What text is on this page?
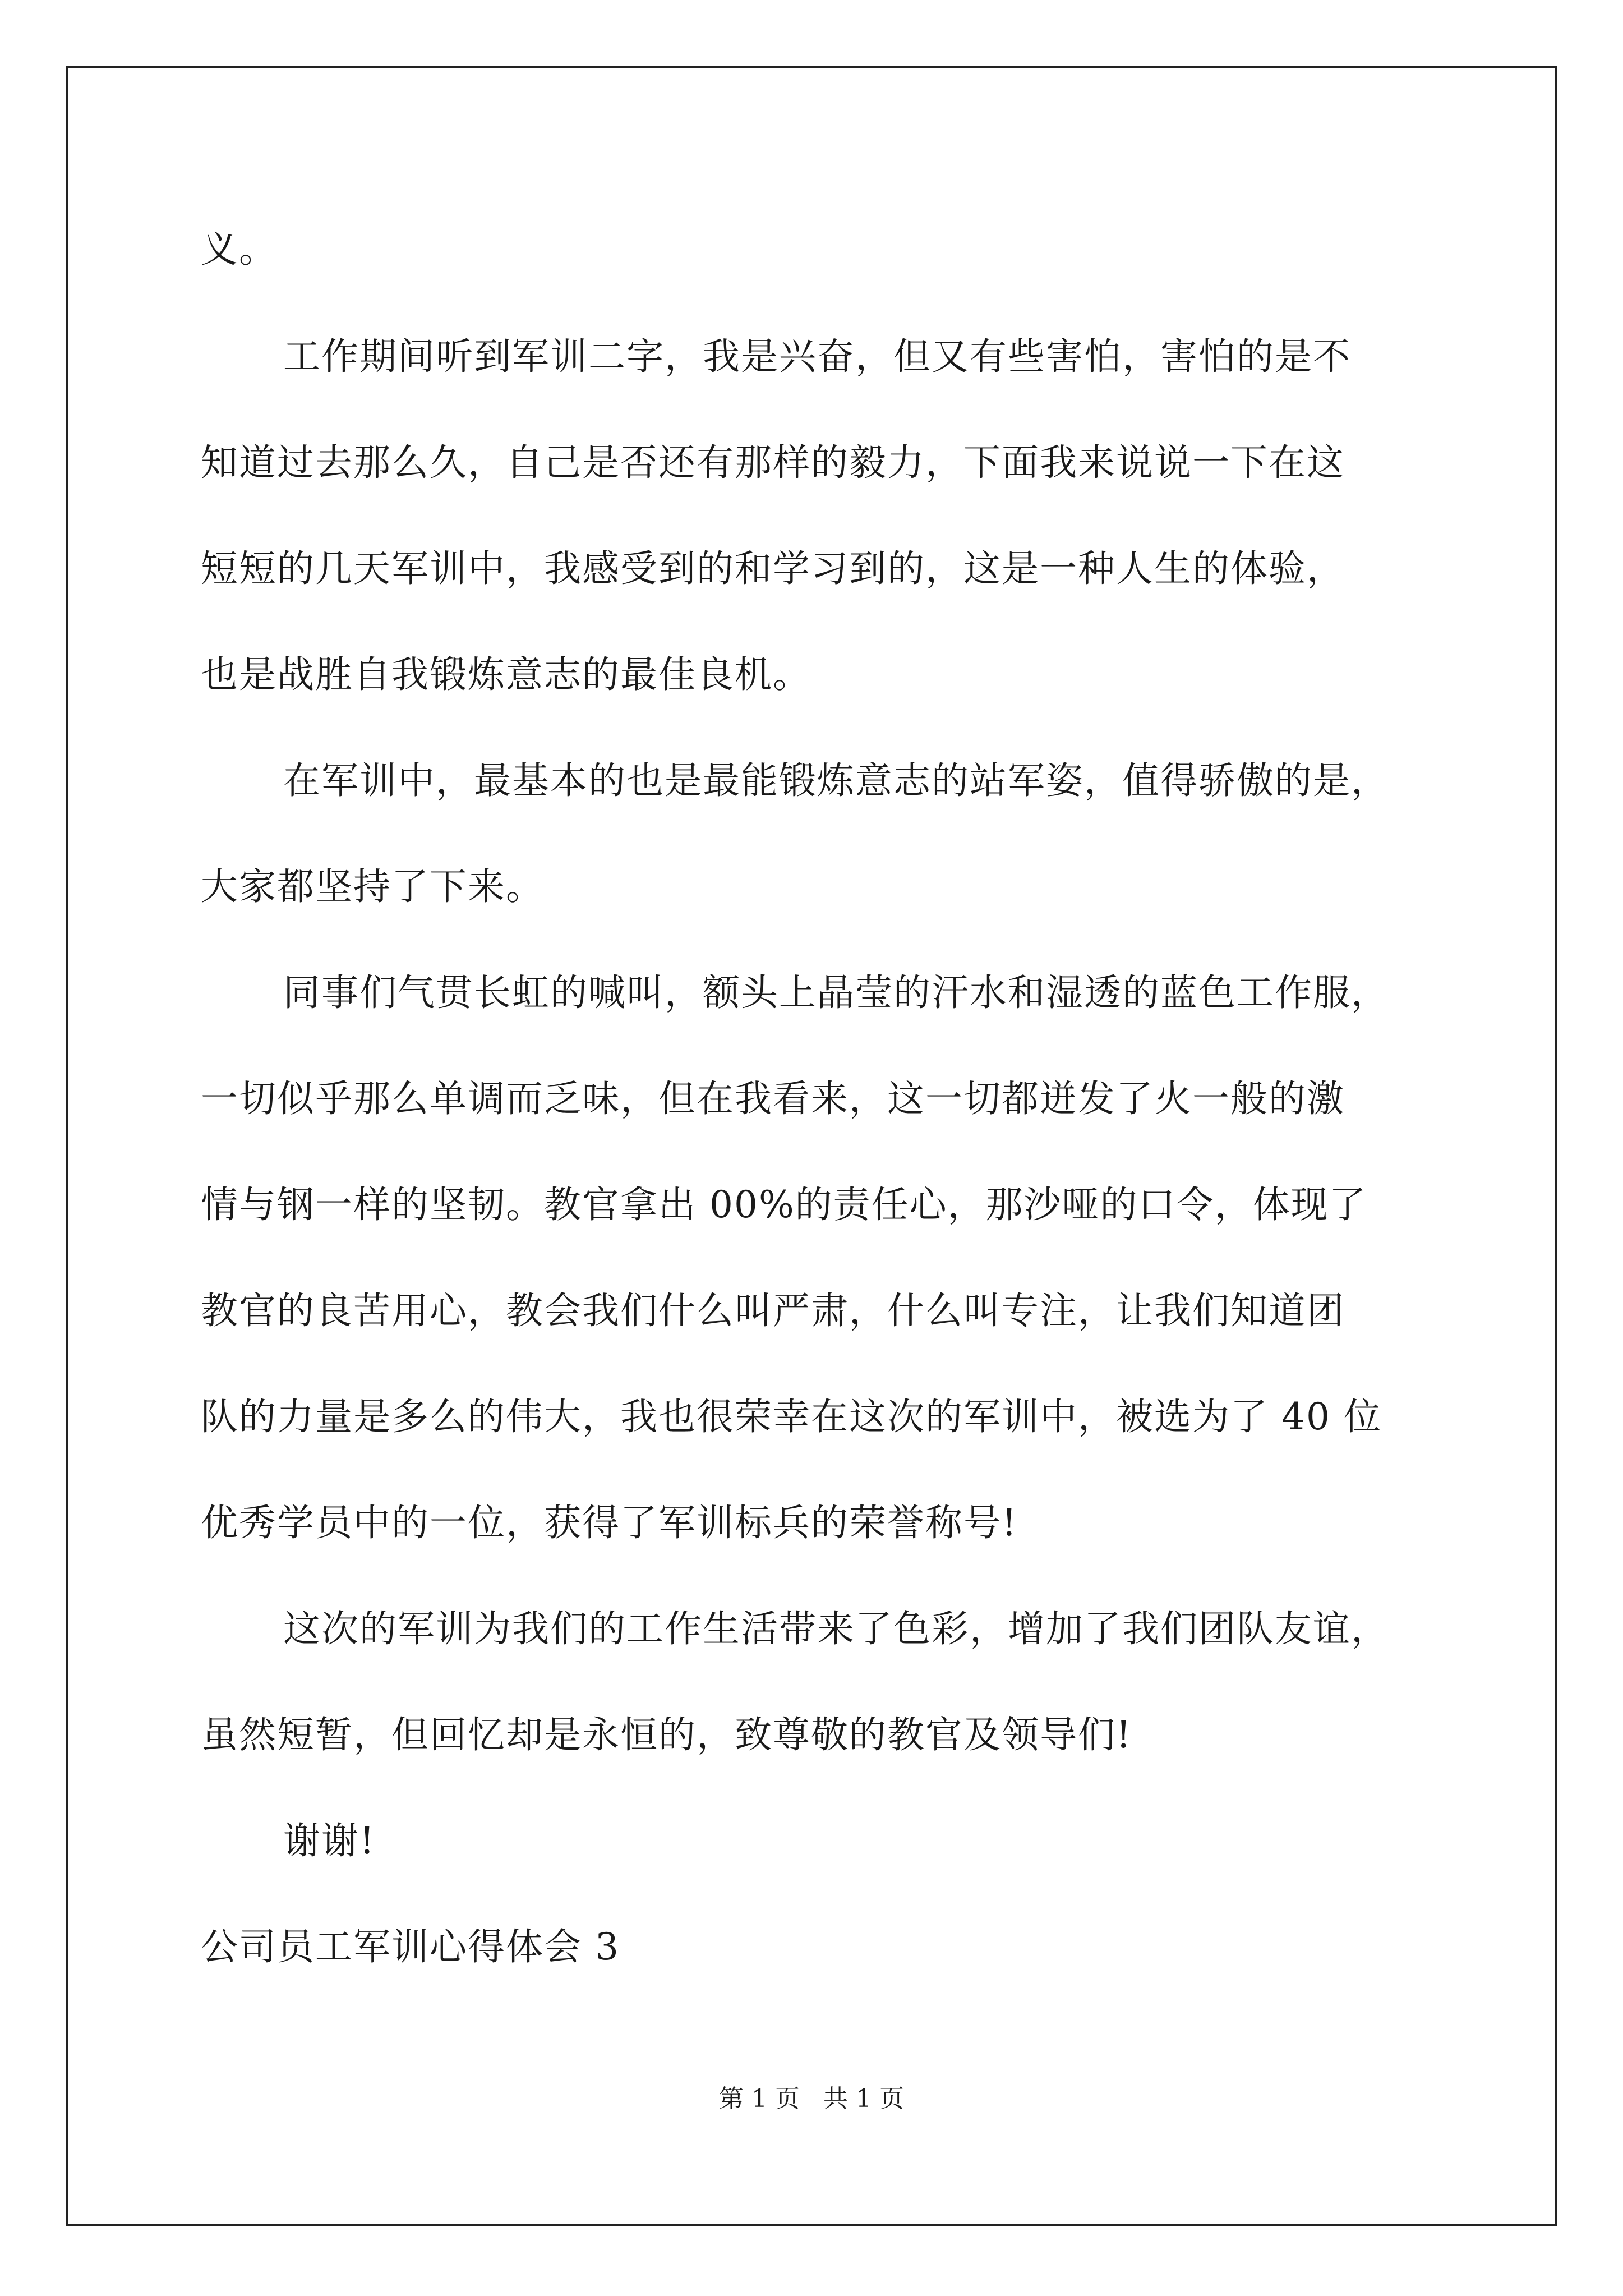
义。
工作期间听到军训二字，我是兴奋，但又有些害怕，害怕的是不
知道过去那么久，自己是否还有那样的毅力，下面我来说说一下在这
短短的几天军训中，我感受到的和学习到的，这是一种人生的体验，
也是战胜自我锻炼意志的最佳良机。
在军训中，最基本的也是最能锻炼意志的站军姿，值得骄傲的是，
大家都坚持了下来。
同事们气贯长虹的喊叫，额头上晶莹的汗水和湿透的蓝色工作服，
一切似乎那么单调而乏味，但在我看来，这一切都迸发了火一般的激
情与钢一样的坚韧。教官拿出 00%的责任心，那沙哑的口令，体现了
教官的良苦用心，教会我们什么叫严肃，什么叫专注，让我们知道团
队的力量是多么的伟大，我也很荣幸在这次的军训中，被选为了 40 位
优秀学员中的一位，获得了军训标兵的荣誉称号!
这次的军训为我们的工作生活带来了色彩，增加了我们团队友谊，
虽然短暂，但回忆却是永恒的，致尊敬的教官及领导们!
谢谢!
公司员工军训心得体会 3
第 1 页   共 1 页
